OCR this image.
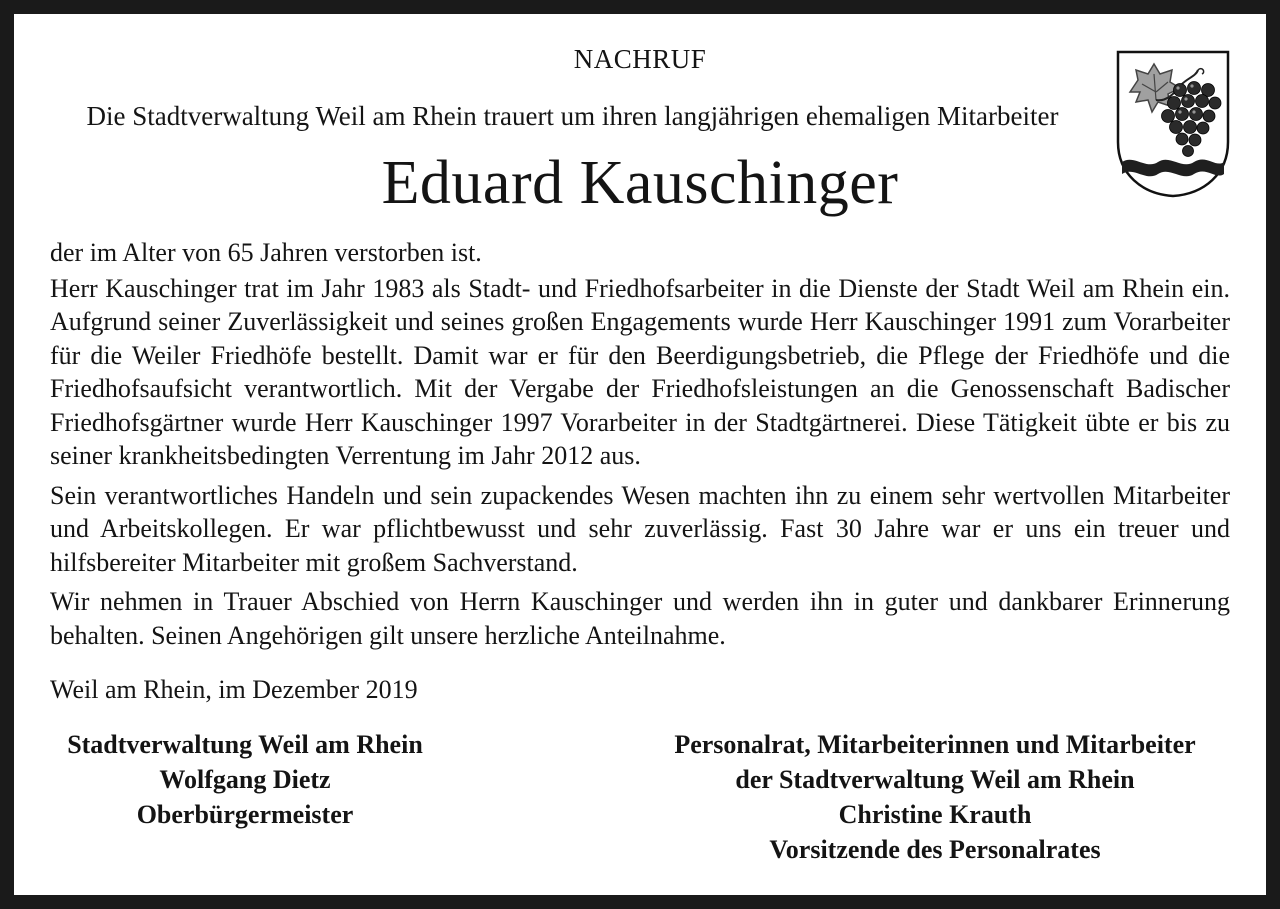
NACHRUF
Die Stadtverwaltung Weil am Rhein trauert um ihren langjährigen ehemaligen Mitarbeiter
Eduard Kauschinger

der im Alter von 65 Jahren verstorben ist.

Herr Kauschinger trat im Jahr 1983 als Stadt- und Friedhofsarbeiter in die Dienste der Stadt Weil am Rhein ein. Aufgrund seiner Zuverlässigkeit und seines großen Engagements wurde Herr Kauschinger 1991 zum Vorarbeiter für die Weiler Friedhöfe bestellt. Damit war er für den Beerdigungsbetrieb, die Pflege der Friedhöfe und die Friedhofsaufsicht verantwortlich. Mit der Vergabe der Friedhofsleistungen an die Genossenschaft Badischer Friedhofsgärtner wurde Herr Kauschinger 1997 Vorarbeiter in der Stadtgärtnerei. Diese Tätigkeit übte er bis zu seiner krankheitsbedingten Verrentung im Jahr 2012 aus.

Sein verantwortliches Handeln und sein zupackendes Wesen machten ihn zu einem sehr wertvollen Mitarbeiter und Arbeitskollegen. Er war pflichtbewusst und sehr zuverlässig. Fast 30 Jahre war er uns ein treuer und hilfsbereiter Mitarbeiter mit großem Sachverstand.

Wir nehmen in Trauer Abschied von Herrn Kauschinger und werden ihn in guter und dankbarer Erinnerung behalten. Seinen Angehörigen gilt unsere herzliche Anteilnahme.

Weil am Rhein, im Dezember 2019
Stadtverwaltung Weil am Rhein
Wolfgang Dietz
Oberbürgermeister
Personalrat, Mitarbeiterinnen und Mitarbeiter
der Stadtverwaltung Weil am Rhein
Christine Krauth
Vorsitzende des Personalrates
